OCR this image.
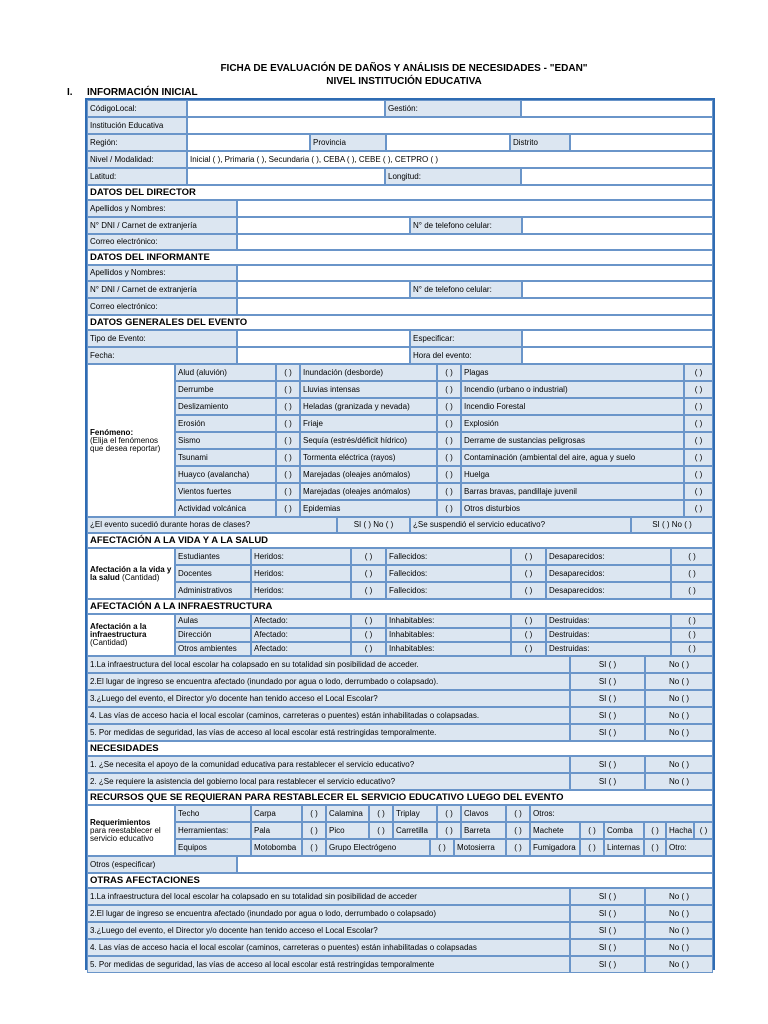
FICHA DE EVALUACIÓN DE DAÑOS Y ANÁLISIS DE NECESIDADES - "EDAN"
NIVEL INSTITUCIÓN EDUCATIVA
I. INFORMACIÓN INICIAL
CódigoLocal:	Gestión:
Institución Educativa
Región:	Provincia	Distrito
Nivel / Modalidad:	Inicial ( ), Primaria ( ), Secundaria ( ), CEBA ( ), CEBE ( ), CETPRO ( )
Latitud:	Longitud:
DATOS DEL DIRECTOR
Apellidos y Nombres:
N° DNI / Carnet de extranjería	N° de telefono celular:
Correo electrónico:
DATOS DEL INFORMANTE
Apellidos y Nombres:
N° DNI / Carnet de extranjería	N° de telefono celular:
Correo electrónico:
DATOS GENERALES DEL EVENTO
Tipo de Evento:	Especificar:
Fecha:	Hora del evento:
Fenómeno:
(Elija el fenómenos que desea reportar)
Alud (aluvión)	( )	Inundación (desborde)	( )	Plagas	( )
Derrumbe	( )	Lluvias intensas	( )	Incendio (urbano o industrial)	( )
Deslizamiento	( )	Heladas (granizada y nevada)	( )	Incendio Forestal	( )
Erosión	( )	Friaje	( )	Explosión	( )
Sismo	( )	Sequía (estrés/déficit hídrico)	( )	Derrame de sustancias peligrosas	( )
Tsunami	( )	Tormenta eléctrica (rayos)	( )	Contaminación (ambiental del aire, agua y suelo	( )
Huayco (avalancha)	( )	Marejadas (oleajes anómalos)	( )	Huelga	( )
Vientos fuertes	( )	Marejadas (oleajes anómalos)	( )	Barras bravas, pandillaje juvenil	( )
Actividad volcánica	( )	Epidemias	( )	Otros disturbios	( )
¿El evento sucedió durante horas de clases?	SI ( ) No ( )	¿Se suspendió el servicio educativo?	SI ( ) No ( )
AFECTACIÓN A LA VIDA Y A LA SALUD
Afectación a la vida y la salud (Cantidad)
Estudiantes	Heridos:	( )	Fallecidos:	( )	Desaparecidos:	( )
Docentes	Heridos:	( )	Fallecidos:	( )	Desaparecidos:	( )
Administrativos	Heridos:	( )	Fallecidos:	( )	Desaparecidos:	( )
AFECTACIÓN A LA INFRAESTRUCTURA
Afectación a la infraestructura
(Cantidad)
Aulas	Afectado:	( )	Inhabitables:	( )	Destruidas:	( )
Dirección	Afectado:	( )	Inhabitables:	( )	Destruidas:	( )
Otros ambientes	Afectado:	( )	Inhabitables:	( )	Destruidas:	( )
1.La infraestructura del local escolar ha colapsado en su totalidad sin posibilidad de acceder.	SI ( )	No ( )
2.El lugar de ingreso se encuentra afectado (inundado por agua o lodo, derrumbado o colapsado).	SI ( )	No ( )
3.¿Luego del evento, el Director y/o docente han tenido acceso el Local Escolar?	SI ( )	No ( )
4. Las vías de acceso hacia el local escolar (caminos, carreteras o puentes) están inhabilitadas o colapsadas.	SI ( )	No ( )
5. Por medidas de seguridad, las vías de acceso al local escolar está restringidas temporalmente.	SI ( )	No ( )
NECESIDADES
1. ¿Se necesita el apoyo de la comunidad educativa para restablecer el servicio educativo?	SI ( )	No ( )
2. ¿Se requiere la asistencia del gobierno local para restablecer el servicio educativo?	SI ( )	No ( )
RECURSOS QUE SE REQUIERAN PARA RESTABLECER EL SERVICIO EDUCATIVO LUEGO DEL EVENTO
Requerimientos
para reestablecer el servicio educativo
Techo	Carpa	( )	Calamina	( )	Triplay	( )	Clavos	( )	Otros:
Herramientas:	Pala	( )	Pico	( )	Carretilla	( )	Barreta	( )	Machete	( )	Comba	( )	Hacha ( )
Equipos	Motobomba	( )	Grupo Electrógeno	( )	Motosierra	( )	Fumigadora	( )	Linternas	( )	Otro:
Otros (especificar)
OTRAS AFECTACIONES
1.La infraestructura del local escolar ha colapsado en su totalidad sin posibilidad de acceder	SI ( )	No ( )
2.El lugar de ingreso se encuentra afectado (inundado por agua o lodo, derrumbado o colapsado)	SI ( )	No ( )
3.¿Luego del evento, el Director y/o docente han tenido acceso el Local Escolar?	SI ( )	No ( )
4. Las vías de acceso hacia el local escolar (caminos, carreteras o puentes) están inhabilitadas o colapsadas	SI ( )	No ( )
5. Por medidas de seguridad, las vías de acceso al local escolar está restringidas temporalmente	SI ( )	No ( )
